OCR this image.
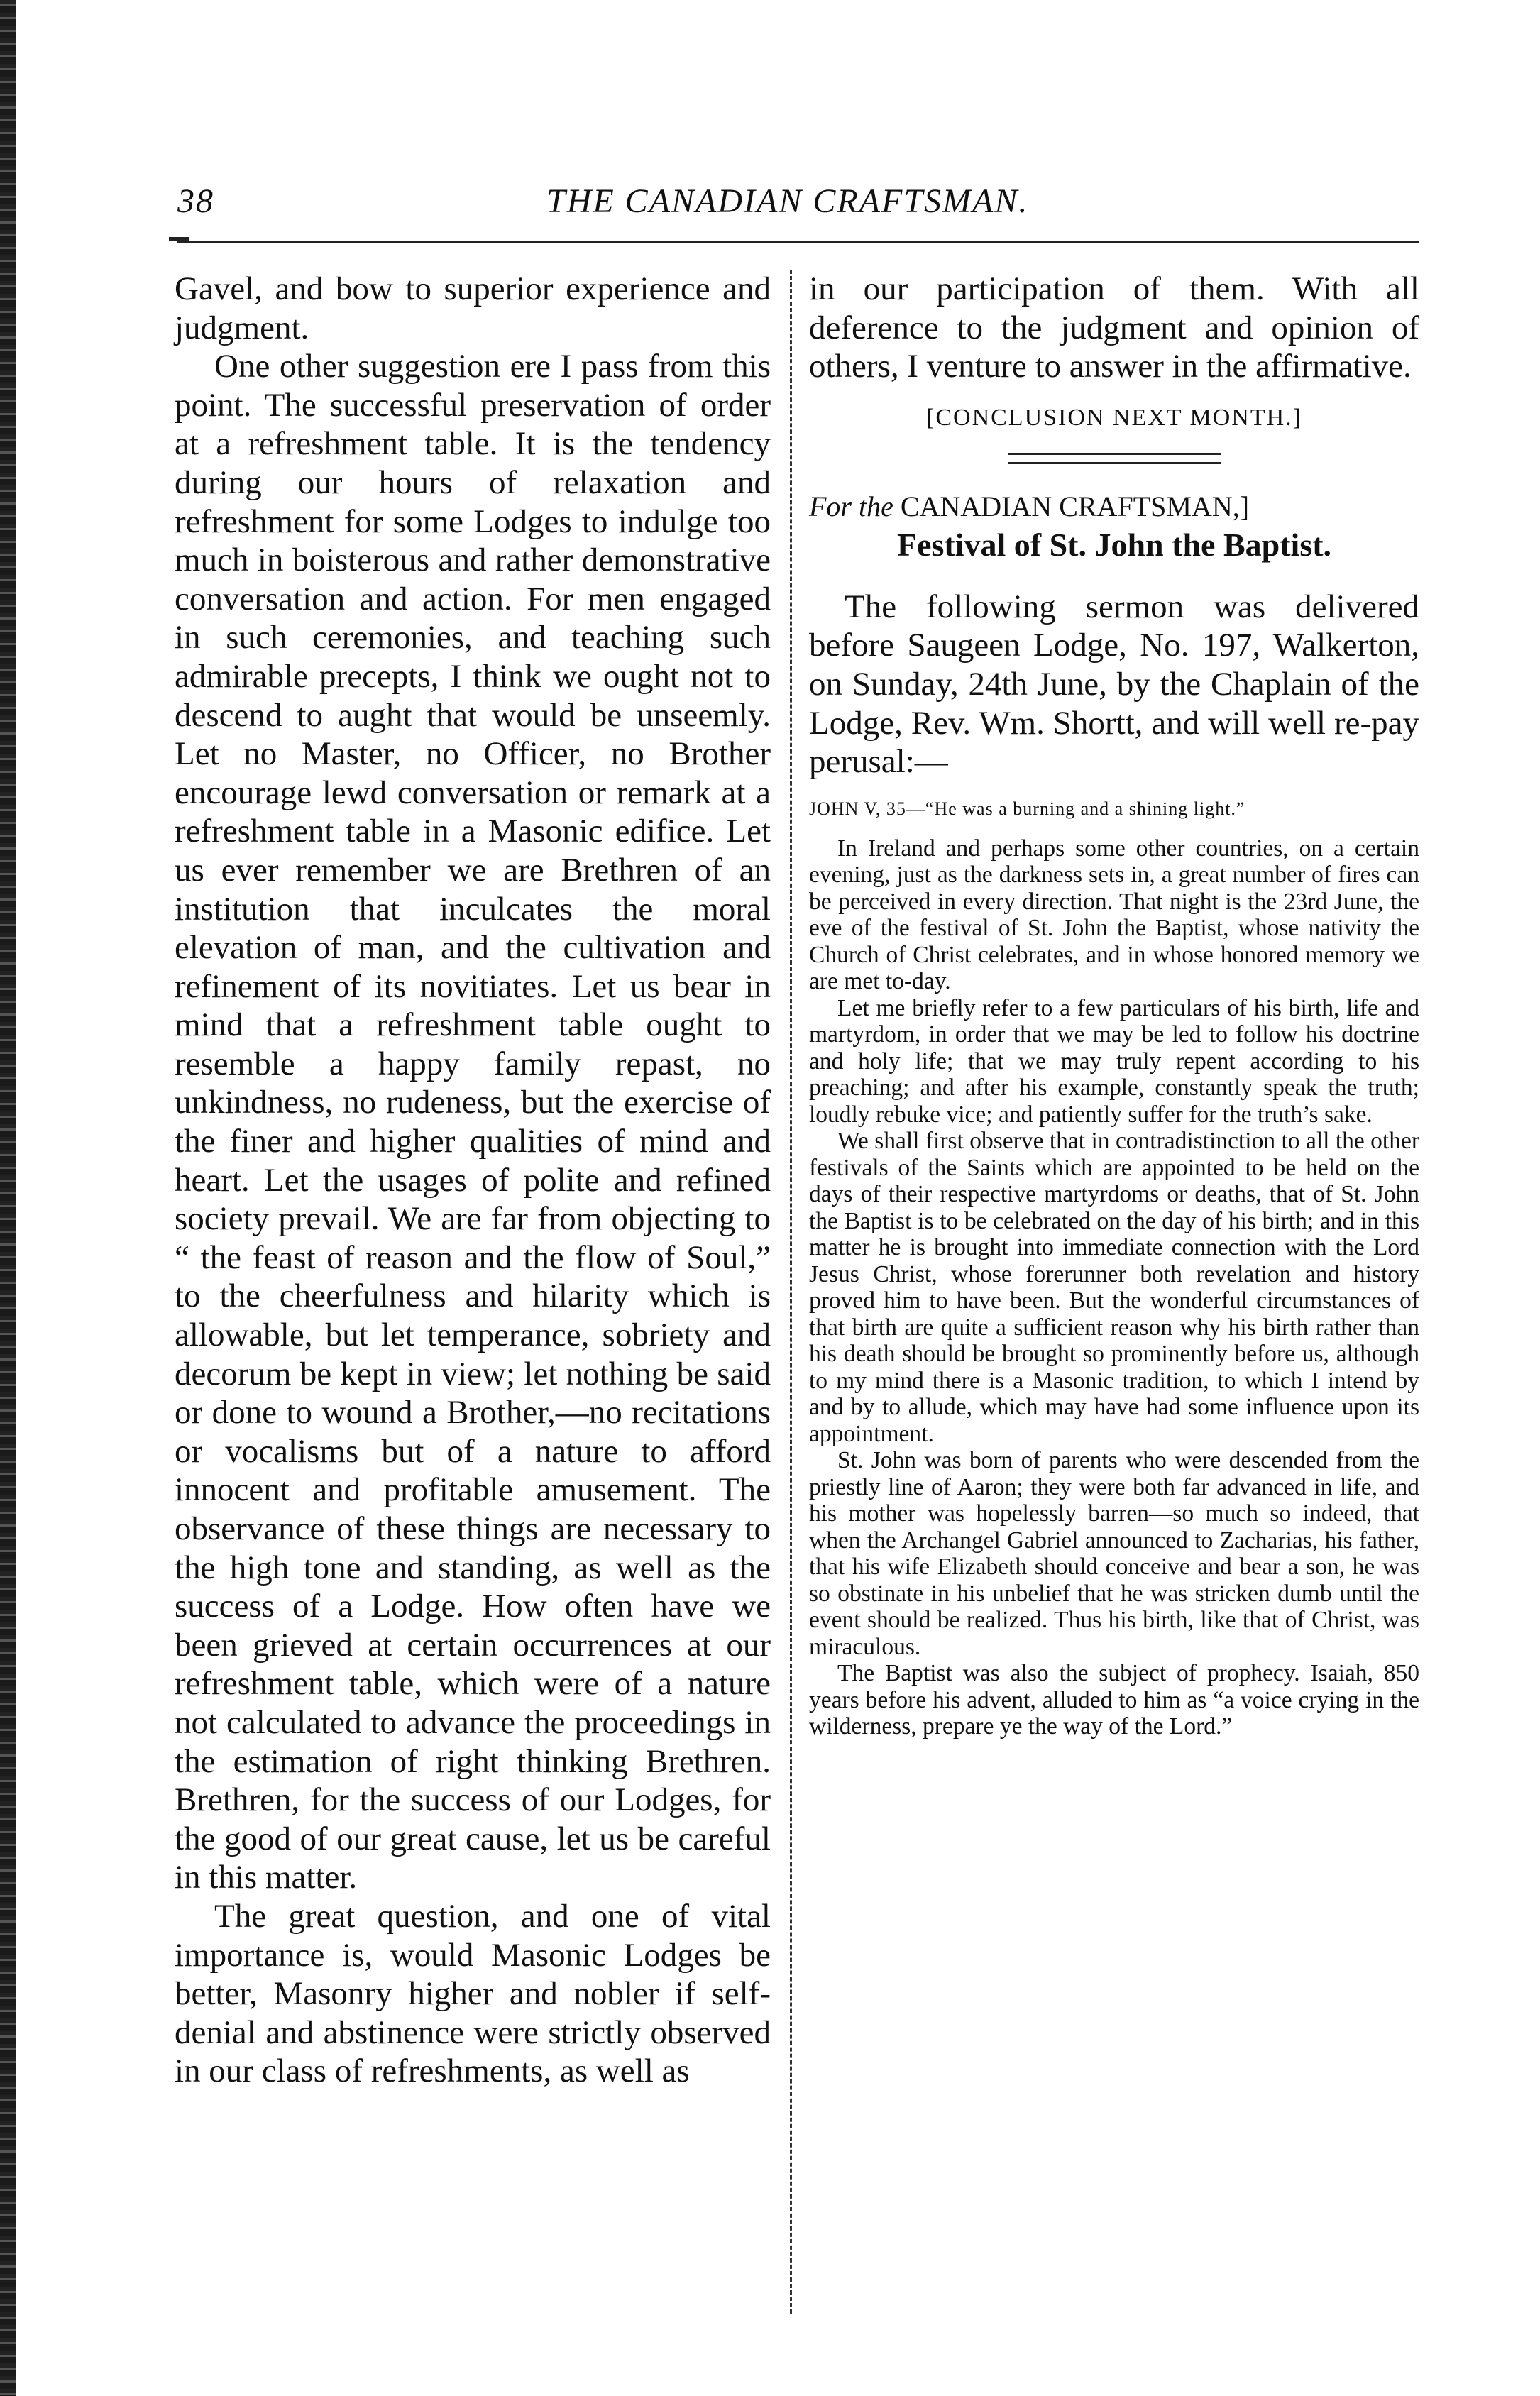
38	THE CANADIAN CRAFTSMAN.

Gavel, and bow to superior experience and judgment.

One other suggestion ere I pass from this point. The successful preservation of order at a refreshment table. It is the tendency during our hours of relaxation and refreshment for some Lodges to indulge too much in boisterous and rather demonstrative conversation and action. For men engaged in such ceremonies, and teaching such admirable precepts, I think we ought not to descend to aught that would be unseemly. Let no Master, no Officer, no Brother encourage lewd conversation or remark at a refreshment table in a Masonic edifice. Let us ever remember we are Brethren of an institution that inculcates the moral elevation of man, and the cultivation and refinement of its novitiates. Let us bear in mind that a refreshment table ought to resemble a happy family repast, no unkindness, no rudeness, but the exercise of the finer and higher qualities of mind and heart. Let the usages of polite and refined society prevail. We are far from objecting to “ the feast of reason and the flow of Soul,” to the cheerfulness and hilarity which is allowable, but let temperance, sobriety and decorum be kept in view; let nothing be said or done to wound a Brother,—no recitations or vocalisms but of a nature to afford innocent and profitable amusement. The observance of these things are necessary to the high tone and standing, as well as the success of a Lodge. How often have we been grieved at certain occurrences at our refreshment table, which were of a nature not calculated to advance the proceedings in the estimation of right thinking Brethren. Brethren, for the success of our Lodges, for the good of our great cause, let us be careful in this matter.

The great question, and one of vital importance is, would Masonic Lodges be better, Masonry higher and nobler if self-denial and abstinence were strictly observed in our class of refreshments, as well as

in our participation of them. With all deference to the judgment and opinion of others, I venture to answer in the affirmative.

[CONCLUSION NEXT MONTH.]

For the CANADIAN CRAFTSMAN,]

Festival of St. John the Baptist.

The following sermon was delivered before Saugeen Lodge, No. 197, Walkerton, on Sunday, 24th June, by the Chaplain of the Lodge, Rev. Wm. Shortt, and will well re-pay perusal:—

JOHN V, 35—“He was a burning and a shining light.”

In Ireland and perhaps some other countries, on a certain evening, just as the darkness sets in, a great number of fires can be perceived in every direction. That night is the 23rd June, the eve of the festival of St. John the Baptist, whose nativity the Church of Christ celebrates, and in whose honored memory we are met to-day.

Let me briefly refer to a few particulars of his birth, life and martyrdom, in order that we may be led to follow his doctrine and holy life; that we may truly repent according to his preaching; and after his example, constantly speak the truth; loudly rebuke vice; and patiently suffer for the truth’s sake.

We shall first observe that in contradistinction to all the other festivals of the Saints which are appointed to be held on the days of their respective martyrdoms or deaths, that of St. John the Baptist is to be celebrated on the day of his birth; and in this matter he is brought into immediate connection with the Lord Jesus Christ, whose forerunner both revelation and history proved him to have been. But the wonderful circumstances of that birth are quite a sufficient reason why his birth rather than his death should be brought so prominently before us, although to my mind there is a Masonic tradition, to which I intend by and by to allude, which may have had some influence upon its appointment.

St. John was born of parents who were descended from the priestly line of Aaron; they were both far advanced in life, and his mother was hopelessly barren—so much so indeed, that when the Archangel Gabriel announced to Zacharias, his father, that his wife Elizabeth should conceive and bear a son, he was so obstinate in his unbelief that he was stricken dumb until the event should be realized. Thus his birth, like that of Christ, was miraculous.

The Baptist was also the subject of prophecy. Isaiah, 850 years before his advent, alluded to him as “a voice crying in the wilderness, prepare ye the way of the Lord.”
